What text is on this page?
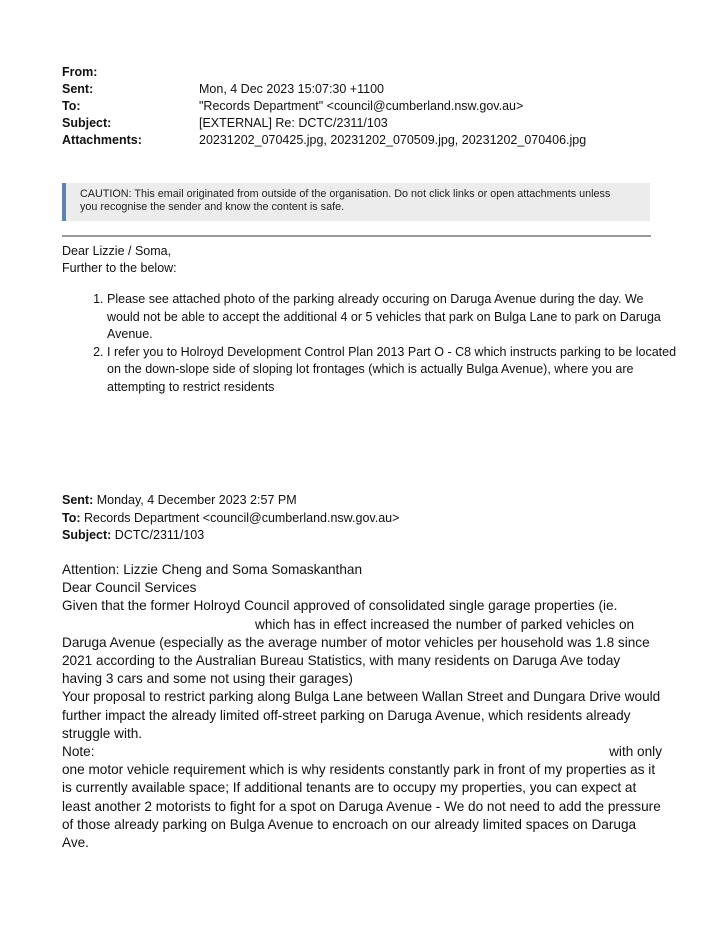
From:
Sent:	Mon, 4 Dec 2023 15:07:30 +1100
To:	"Records Department" <council@cumberland.nsw.gov.au>
Subject:	[EXTERNAL] Re: DCTC/2311/103
Attachments:	20231202_070425.jpg, 20231202_070509.jpg, 20231202_070406.jpg
CAUTION: This email originated from outside of the organisation. Do not click links or open attachments unless
you recognise the sender and know the content is safe.
Dear Lizzie / Soma,
Further to the below:
1. Please see attached photo of the parking already occuring on Daruga Avenue during the day. We would not be able to accept the additional 4 or 5 vehicles that park on Bulga Lane to park on Daruga Avenue.
2. I refer you to Holroyd Development Control Plan 2013 Part O - C8 which instructs parking to be located on the down-slope side of sloping lot frontages (which is actually Bulga Avenue), where you are attempting to restrict residents
Sent: Monday, 4 December 2023 2:57 PM
To: Records Department <council@cumberland.nsw.gov.au>
Subject: DCTC/2311/103

Attention: Lizzie Cheng and Soma Somaskanthan

Dear Council Services

Given that the former Holroyd Council approved of consolidated single garage properties (ie.

which has in effect increased the number of parked vehicles on Daruga Avenue (especially as the average number of motor vehicles per household was 1.8 since 2021 according to the Australian Bureau Statistics, with many residents on Daruga Ave today having 3 cars and some not using their garages)

Your proposal to restrict parking along Bulga Lane between Wallan Street and Dungara Drive would further impact the already limited off-street parking on Daruga Avenue, which residents already struggle with.

Note:	with only

one motor vehicle requirement which is why residents constantly park in front of my properties as it is currently available space; If additional tenants are to occupy my properties, you can expect at least another 2 motorists to fight for a spot on Daruga Avenue - We do not need to add the pressure of those already parking on Bulga Avenue to encroach on our already limited spaces on Daruga Ave.
